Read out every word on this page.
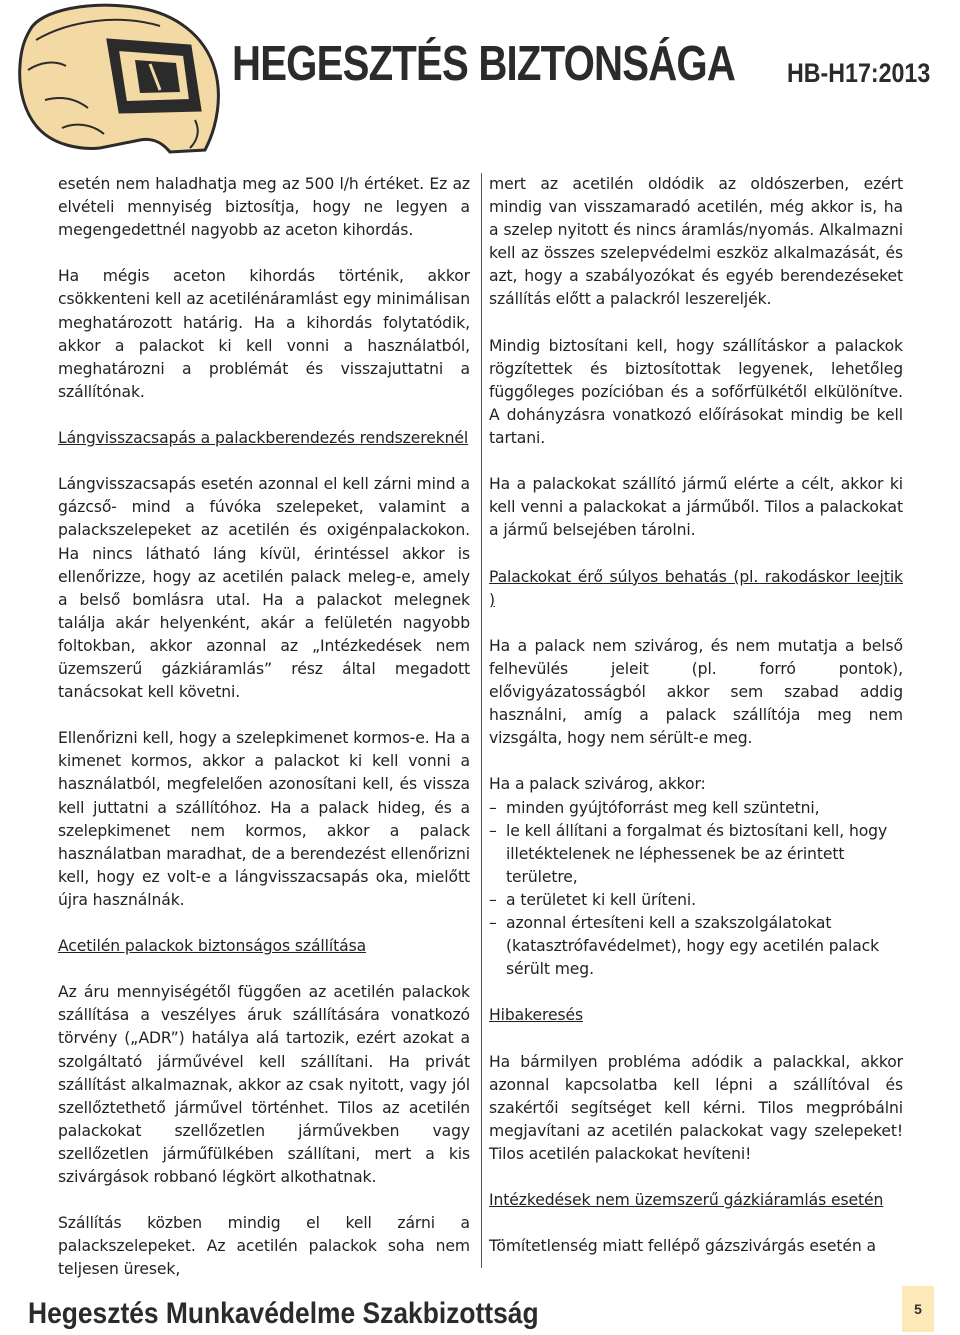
HEGESZTÉS BIZTONSÁGA HB-H17:2013

esetén nem haladhatja meg az 500 l/h értéket. Ez az elvételi mennyiség biztosítja, hogy ne legyen a megengedettnél nagyobb az aceton kihordás.

Ha mégis aceton kihordás történik, akkor csökkenteni kell az acetilénáramlást egy minimálisan meghatározott határig. Ha a kihordás folytatódik, akkor a palackot ki kell vonni a használatból, meghatározni a problémát és visszajuttatni a szállítónak.

Lángvisszacsapás a palackberendezés rendszereknél

Lángvisszacsapás esetén azonnal el kell zárni mind a gázcső- mind a fúvóka szelepeket, valamint a palackszelepeket az acetilén és oxigénpalackokon. Ha nincs látható láng kívül, érintéssel akkor is ellenőrizze, hogy az acetilén palack meleg-e, amely a belső bomlásra utal. Ha a palackot melegnek találja akár helyenként, akár a felületén nagyobb foltokban, akkor azonnal az „Intézkedések nem üzemszerű gázkiáramlás” rész által megadott tanácsokat kell követni.

Ellenőrizni kell, hogy a szelepkimenet kormos-e. Ha a kimenet kormos, akkor a palackot ki kell vonni a használatból, megfelelően azonosítani kell, és vissza kell juttatni a szállítóhoz. Ha a palack hideg, és a szelepkimenet nem kormos, akkor a palack használatban maradhat, de a berendezést ellenőrizni kell, hogy ez volt-e a lángvisszacsapás oka, mielőtt újra használnák.

Acetilén palackok biztonságos szállítása

Az áru mennyiségétől függően az acetilén palackok szállítása a veszélyes áruk szállítására vonatkozó törvény („ADR”) hatálya alá tartozik, ezért azokat a szolgáltató járművével kell szállítani. Ha privát szállítást alkalmaznak, akkor az csak nyitott, vagy jól szellőztethető járművel történhet. Tilos az acetilén palackokat szellőzetlen járművekben vagy szellőzetlen járműfülkében szállítani, mert a kis szivárgások robbanó légkört alkothatnak.

Szállítás közben mindig el kell zárni a palackszelepeket. Az acetilén palackok soha nem teljesen üresek,

mert az acetilén oldódik az oldószerben, ezért mindig van visszamaradó acetilén, még akkor is, ha a szelep nyitott és nincs áramlás/nyomás. Alkalmazni kell az összes szelepvédelmi eszköz alkalmazását, és azt, hogy a szabályozókat és egyéb berendezéseket szállítás előtt a palackról leszereljék.

Mindig biztosítani kell, hogy szállításkor a palackok rögzítettek és biztosítottak legyenek, lehetőleg függőleges pozícióban és a sofőrfülkétől elkülönítve. A dohányzásra vonatkozó előírásokat mindig be kell tartani.

Ha a palackokat szállító jármű elérte a célt, akkor ki kell venni a palackokat a járműből. Tilos a palackokat a jármű belsejében tárolni.

Palackokat érő súlyos behatás (pl. rakodáskor leejtik )

Ha a palack nem szivárog, és nem mutatja a belső felhevülés jeleit (pl. forró pontok), elővigyázatosságból akkor sem szabad addig használni, amíg a palack szállítója meg nem vizsgálta, hogy nem sérült-e meg.

Ha a palack szivárog, akkor:

– minden gyújtóforrást meg kell szüntetni,
– le kell állítani a forgalmat és biztosítani kell, hogy illetéktelenek ne léphessenek be az érintett területre,
– a területet ki kell üríteni.
– azonnal értesíteni kell a szakszolgálatokat (katasztrófavédelmet), hogy egy acetilén palack sérült meg.

Hibakeresés

Ha bármilyen probléma adódik a palackkal, akkor azonnal kapcsolatba kell lépni a szállítóval és szakértői segítséget kell kérni. Tilos megpróbálni megjavítani az acetilén palackokat vagy szelepeket! Tilos acetilén palackokat hevíteni!

Intézkedések nem üzemszerű gázkiáramlás esetén

Tömítetlenség miatt fellépő gázszivárgás esetén a

Hegesztés Munkavédelme Szakbizottság	5
